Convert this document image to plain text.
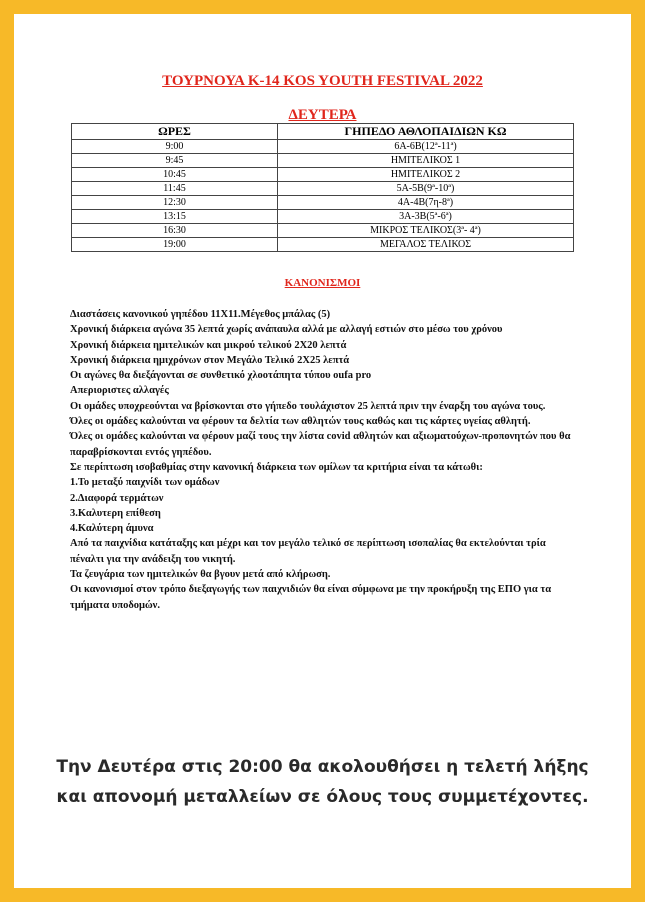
ΤΟΥΡΝΟΥΑ Κ-14 KOS YOUTH FESTIVAL 2022
ΔΕΥΤΕΡΑ
ΩΡΕΣ	ΓΗΠΕΔΟ ΑΘΛΟΠΑΙΔΙΩΝ ΚΩ
9:00	6Α-6Β(12ª-11ª)
9:45	ΗΜΙΤΕΛΙΚΟΣ 1
10:45	ΗΜΙΤΕΛΙΚΟΣ 2
11:45	5Α-5Β(9ª-10ª)
12:30	4Α-4Β(7η-8ª)
13:15	3Α-3Β(5ª-6ª)
16:30	ΜΙΚΡΟΣ ΤΕΛΙΚΟΣ(3ª- 4ª)
19:00	ΜΕΓΑΛΟΣ ΤΕΛΙΚΟΣ
ΚΑΝΟΝΙΣΜΟΙ
Διαστάσεις κανονικού γηπέδου 11Χ11.Μέγεθος μπάλας (5)
Χρονική διάρκεια αγώνα 35 λεπτά χωρίς ανάπαυλα αλλά με αλλαγή εστιών στο μέσω του χρόνου
Χρονική διάρκεια ημιτελικών και μικρού τελικού 2Χ20 λεπτά
Χρονική διάρκεια ημιχρόνων στον Μεγάλο Τελικό 2Χ25 λεπτά
Οι αγώνες θα διεξάγονται σε συνθετικό χλοοτάπητα τύπου oufa pro
Απεριοριστες αλλαγές
Οι ομάδες υποχρεούνται να βρίσκονται στο γήπεδο τουλάχιστον 25 λεπτά πριν την έναρξη του αγώνα τους.
Όλες οι ομάδες καλούνται να φέρουν τα δελτία των αθλητών τους καθώς και τις κάρτες υγείας αθλητή.
Όλες οι ομάδες καλούνται να φέρουν μαζί τους την λίστα covid αθλητών και αξιωματούχων-προπονητών που θα παραβρίσκονται εντός γηπέδου.
Σε περίπτωση ισοβαθμίας στην κανονική διάρκεια των ομίλων τα κριτήρια είναι τα κάτωθι:
1.Το μεταξύ παιχνίδι των ομάδων
2.Διαφορά τερμάτων
3.Καλυτερη επίθεση
4.Καλύτερη άμυνα
Από τα παιχνίδια κατάταξης και μέχρι και τον μεγάλο τελικό σε περίπτωση ισοπαλίας θα εκτελούνται τρία πέναλτι για την ανάδειξη του νικητή.
Τα ζευγάρια των ημιτελικών θα βγουν μετά από κλήρωση.
Οι κανονισμοί στον τρόπο διεξαγωγής των παιχνιδιών θα είναι σύμφωνα με την προκήρυξη της ΕΠΟ για τα τμήματα υποδομών.
Την Δευτέρα στις 20:00 θα ακολουθήσει η τελετή λήξης και απονομή μεταλλείων σε όλους τους συμμετέχοντες.
